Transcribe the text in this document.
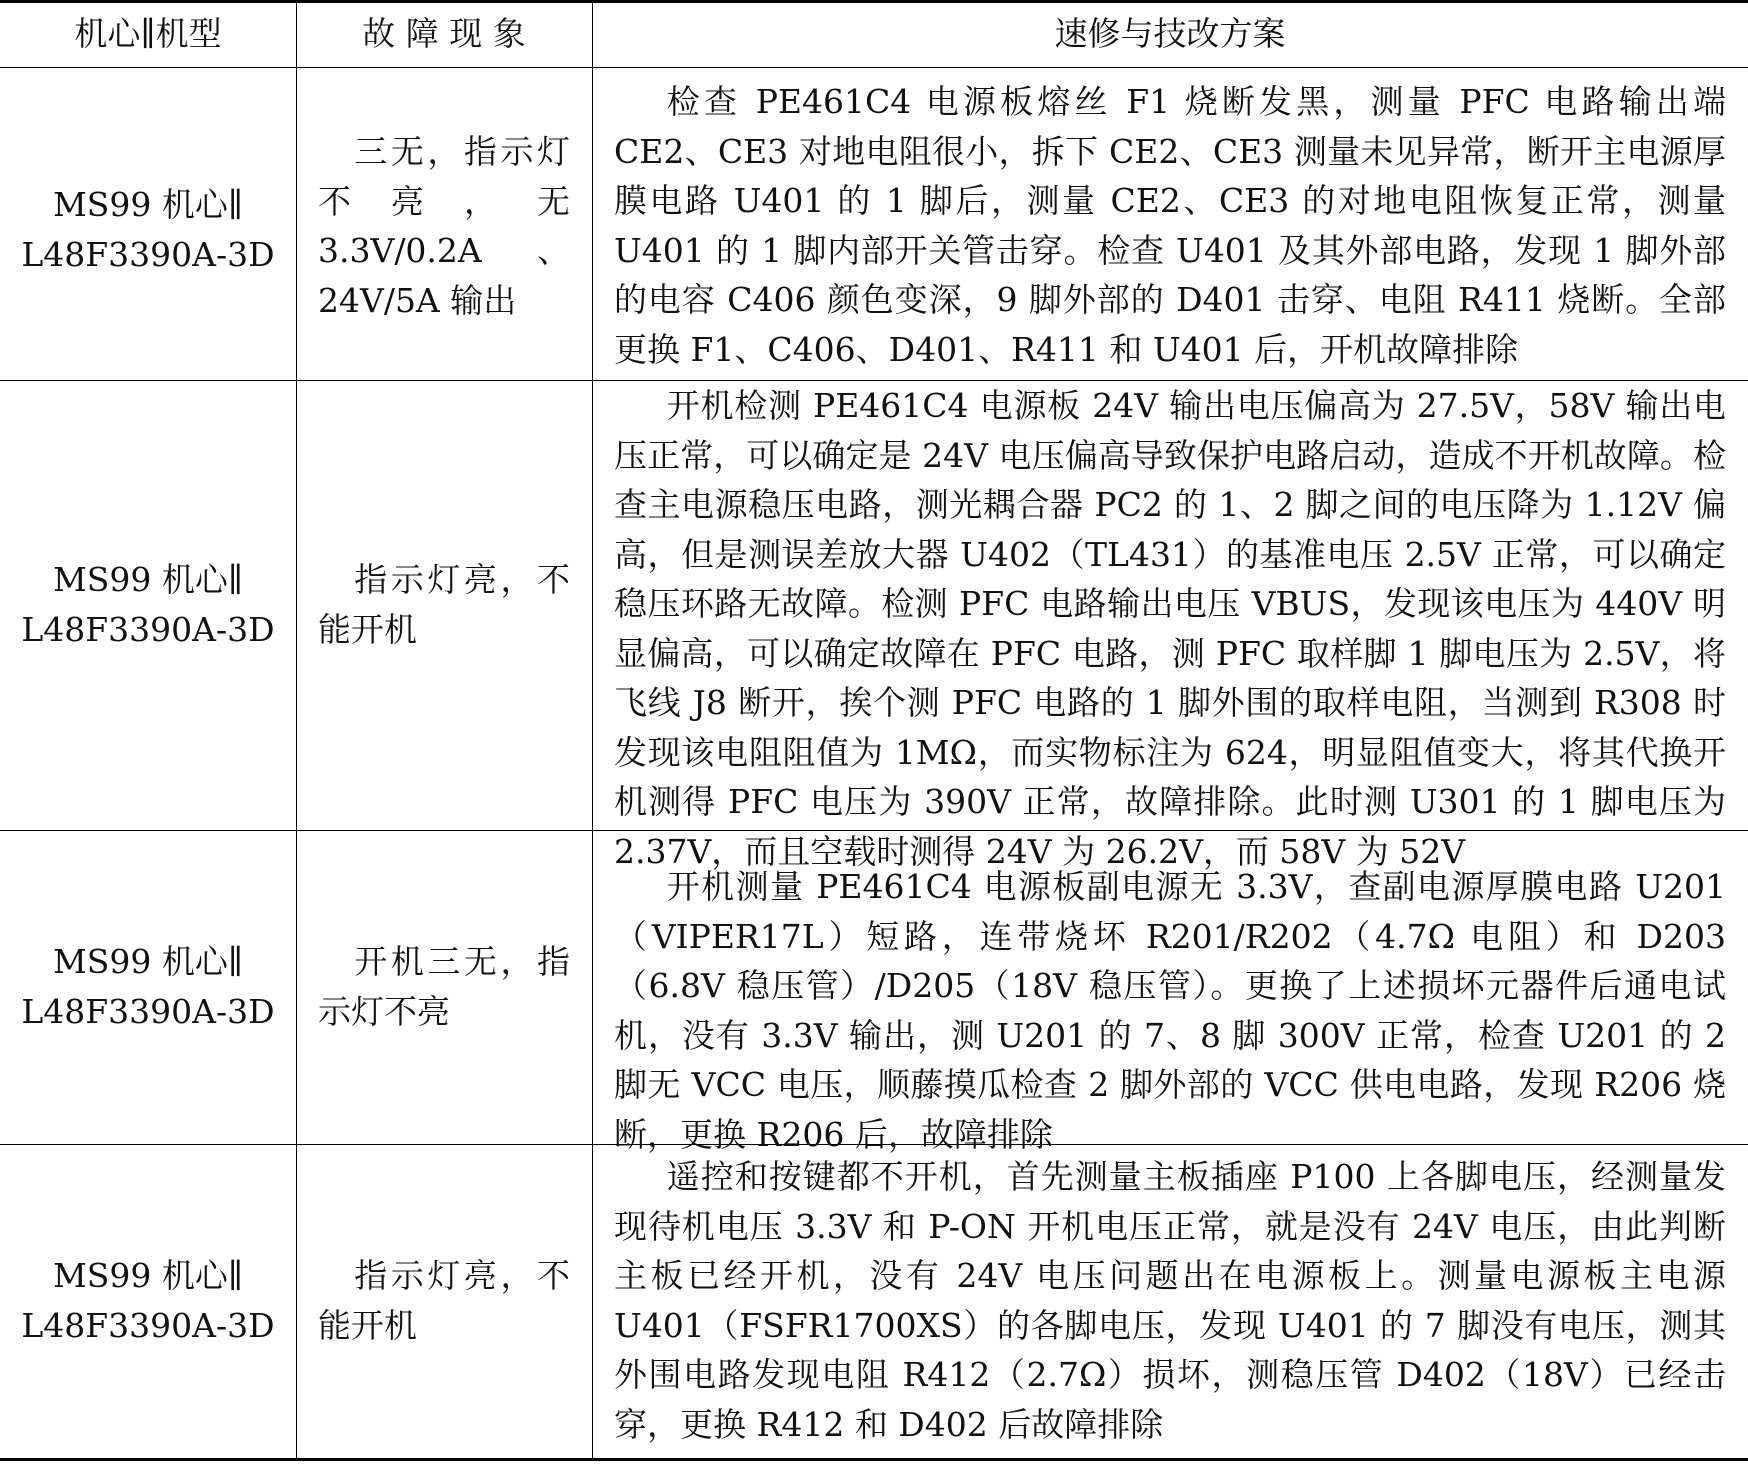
机心∥机型	故 障 现 象	速修与技改方案
MS99 机心∥
L48F3390A-3D
三无，指示灯不亮，无 3.3V/0.2A、 24V/5A 输出
检查 PE461C4 电源板熔丝 F1 烧断发黑，测量 PFC 电路输出端 CE2、CE3 对地电阻很小，拆下 CE2、CE3 测量未见异常，断开主电源厚膜电路 U401 的 1 脚后，测量 CE2、CE3 的对地电阻恢复正常，测量 U401 的 1 脚内部开关管击穿。检查 U401 及其外部电路，发现 1 脚外部的电容 C406 颜色变深，9 脚外部的 D401 击穿、电阻 R411 烧断。全部更换 F1、C406、D401、R411 和 U401 后，开机故障排除
MS99 机心∥
L48F3390A-3D
指示灯亮，不能开机
开机检测 PE461C4 电源板 24V 输出电压偏高为 27.5V，58V 输出电压正常，可以确定是 24V 电压偏高导致保护电路启动，造成不开机故障。检查主电源稳压电路，测光耦合器 PC2 的 1、2 脚之间的电压降为 1.12V 偏高，但是测误差放大器 U402（TL431）的基准电压 2.5V 正常，可以确定稳压环路无故障。检测 PFC 电路输出电压 VBUS，发现该电压为 440V 明显偏高，可以确定故障在 PFC 电路，测 PFC 取样脚 1 脚电压为 2.5V，将飞线 J8 断开，挨个测 PFC 电路的 1 脚外围的取样电阻，当测到 R308 时发现该电阻阻值为 1MΩ，而实物标注为 624，明显阻值变大，将其代换开机测得 PFC 电压为 390V 正常，故障排除。此时测 U301 的 1 脚电压为 2.37V，而且空载时测得 24V 为 26.2V，而 58V 为 52V
MS99 机心∥
L48F3390A-3D
开机三无，指示灯不亮
开机测量 PE461C4 电源板副电源无 3.3V，查副电源厚膜电路 U201（VIPER17L）短路，连带烧坏 R201/R202（4.7Ω 电阻）和 D203（6.8V 稳压管）/D205（18V 稳压管）。更换了上述损坏元器件后通电试机，没有 3.3V 输出，测 U201 的 7、8 脚 300V 正常，检查 U201 的 2 脚无 VCC 电压，顺藤摸瓜检查 2 脚外部的 VCC 供电电路，发现 R206 烧断，更换 R206 后，故障排除
MS99 机心∥
L48F3390A-3D
指示灯亮，不能开机
遥控和按键都不开机，首先测量主板插座 P100 上各脚电压，经测量发现待机电压 3.3V 和 P-ON 开机电压正常，就是没有 24V 电压，由此判断主板已经开机，没有 24V 电压问题出在电源板上。测量电源板主电源 U401（FSFR1700XS）的各脚电压，发现 U401 的 7 脚没有电压，测其外围电路发现电阻 R412（2.7Ω）损坏，测稳压管 D402（18V）已经击穿，更换 R412 和 D402 后故障排除
